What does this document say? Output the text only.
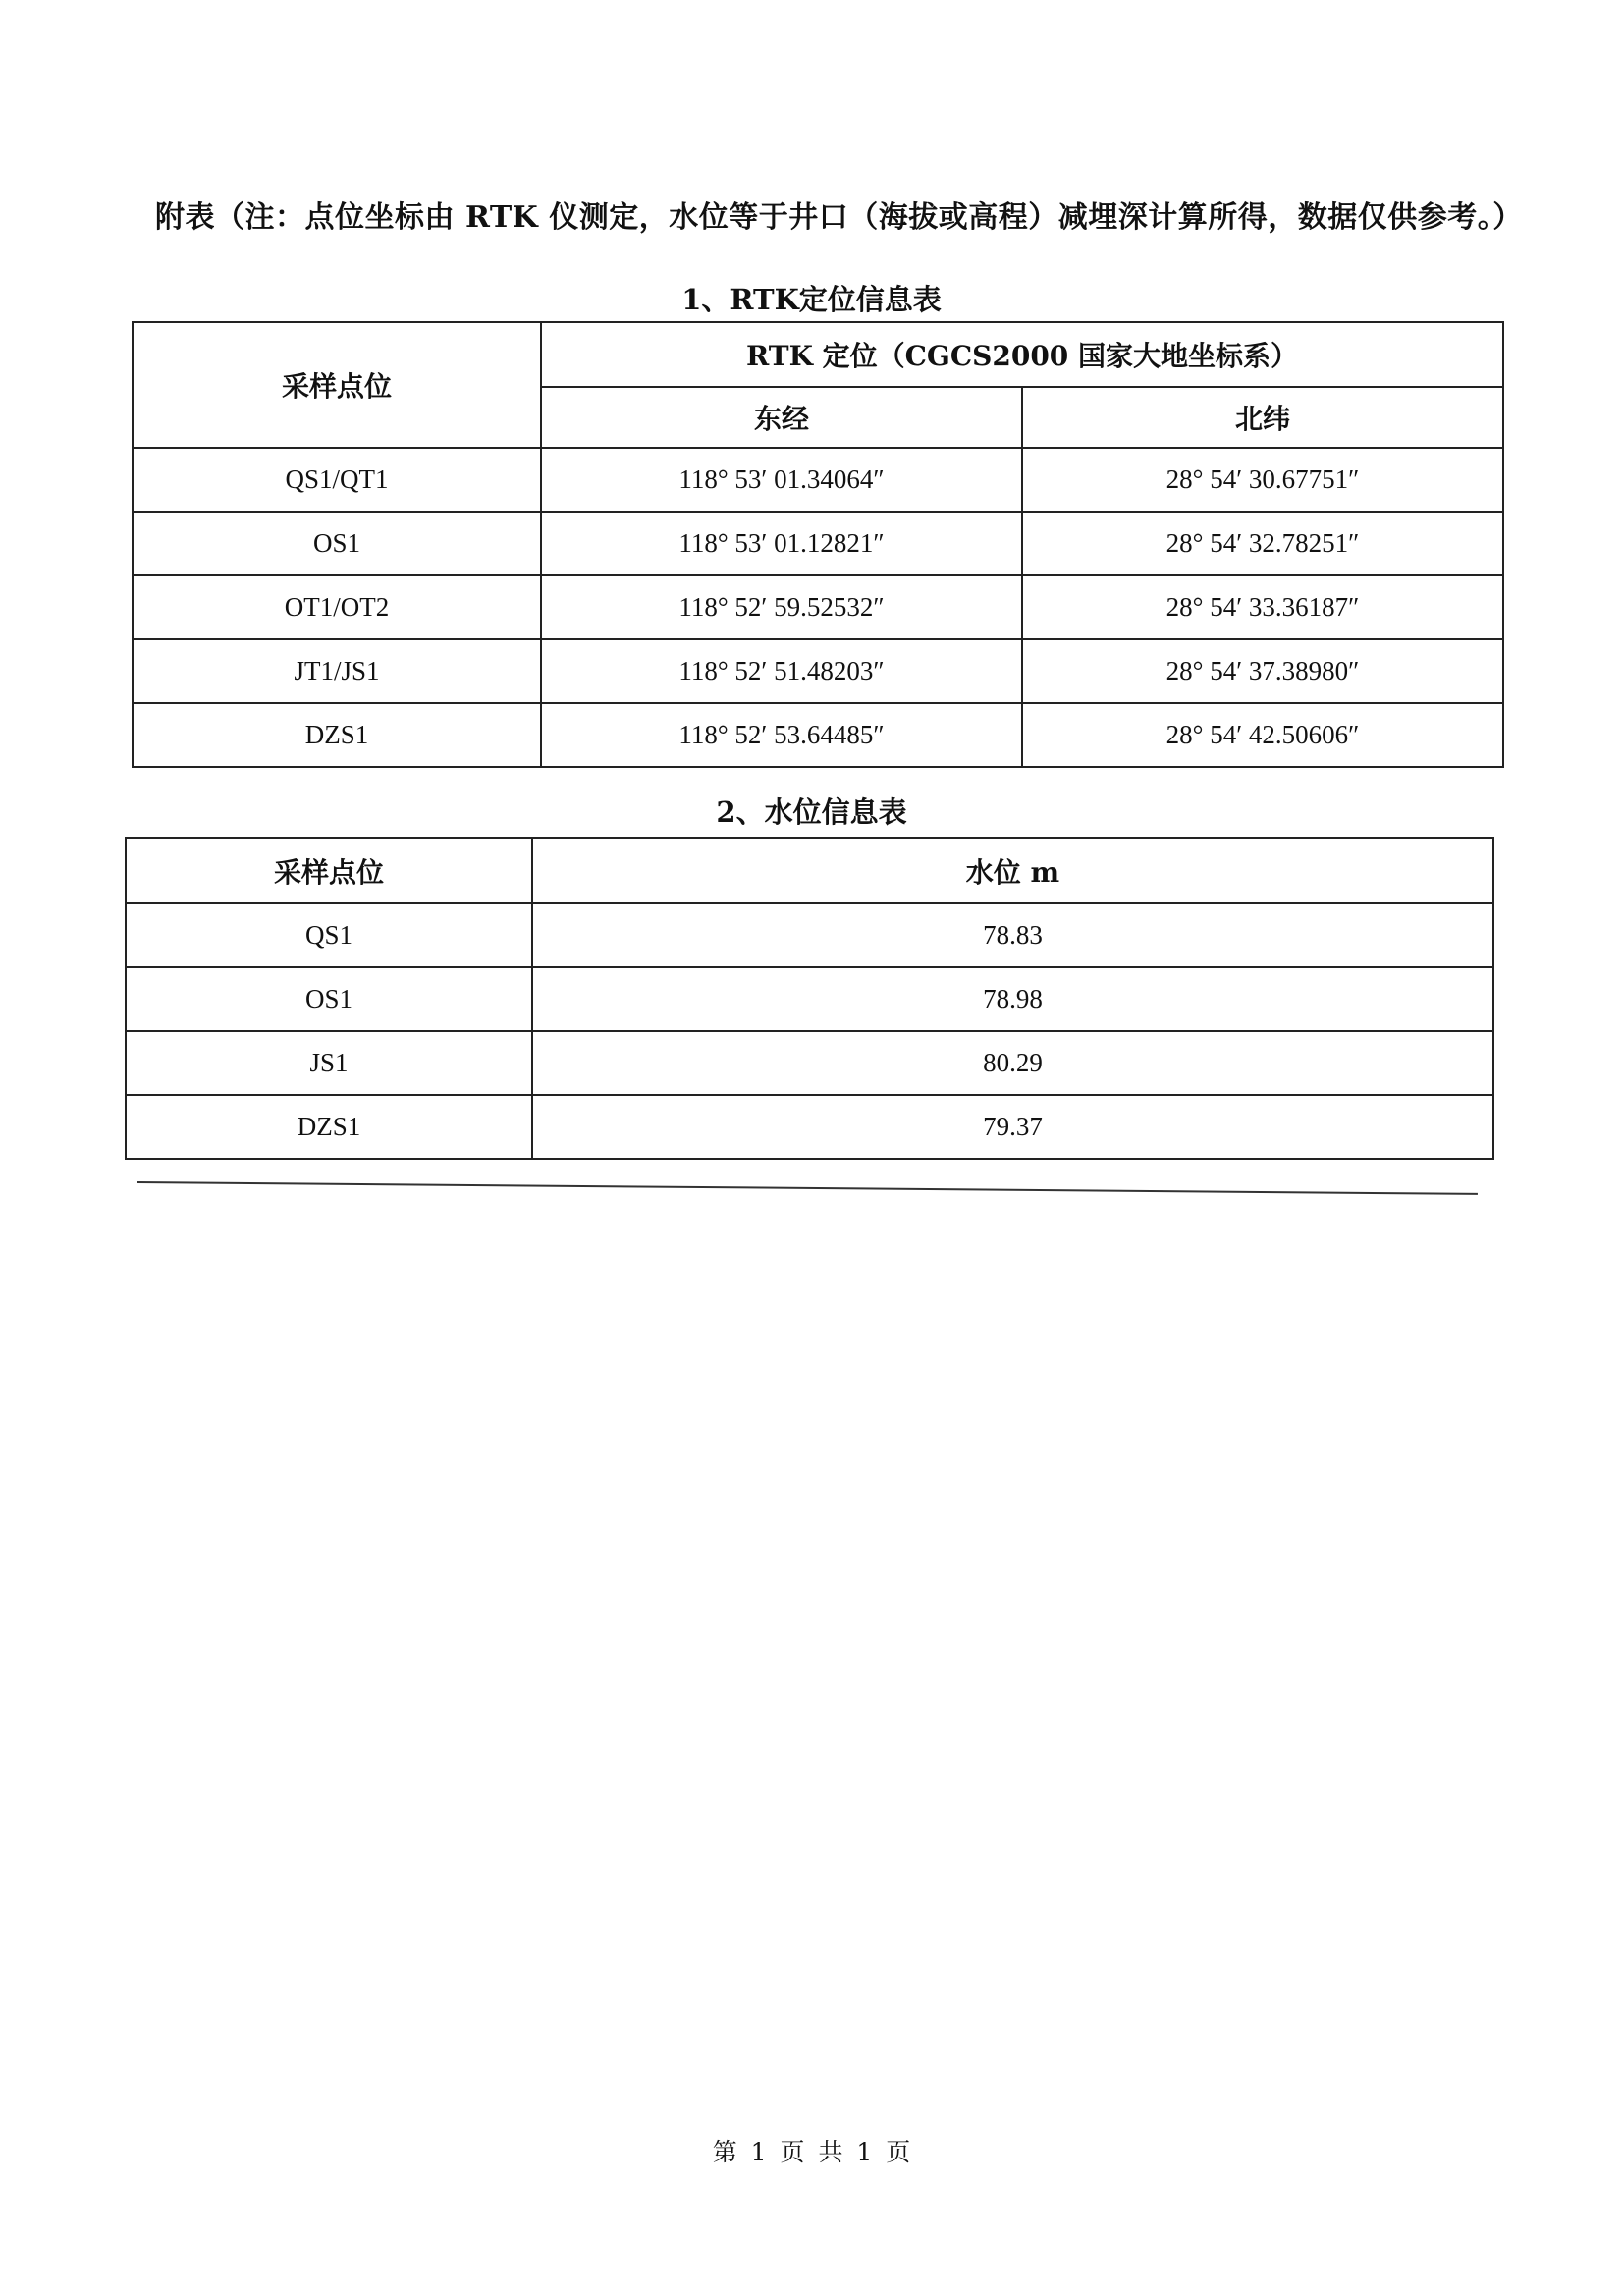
附表（注：点位坐标由 RTK 仪测定，水位等于井口（海拔或高程）减埋深计算所得，数据仅供参考。）
1、RTK定位信息表
采样点位	RTK 定位（CGCS2000 国家大地坐标系）	
	东经	北纬
QS1/QT1	118° 53′ 01.34064″	28° 54′ 30.67751″
OS1	118° 53′ 01.12821″	28° 54′ 32.78251″
OT1/OT2	118° 52′ 59.52532″	28° 54′ 33.36187″
JT1/JS1	118° 52′ 51.48203″	28° 54′ 37.38980″
DZS1	118° 52′ 53.64485″	28° 54′ 42.50606″
2、水位信息表
采样点位	水位 m
QS1	78.83
OS1	78.98
JS1	80.29
DZS1	79.37
第 1 页 共 1 页
